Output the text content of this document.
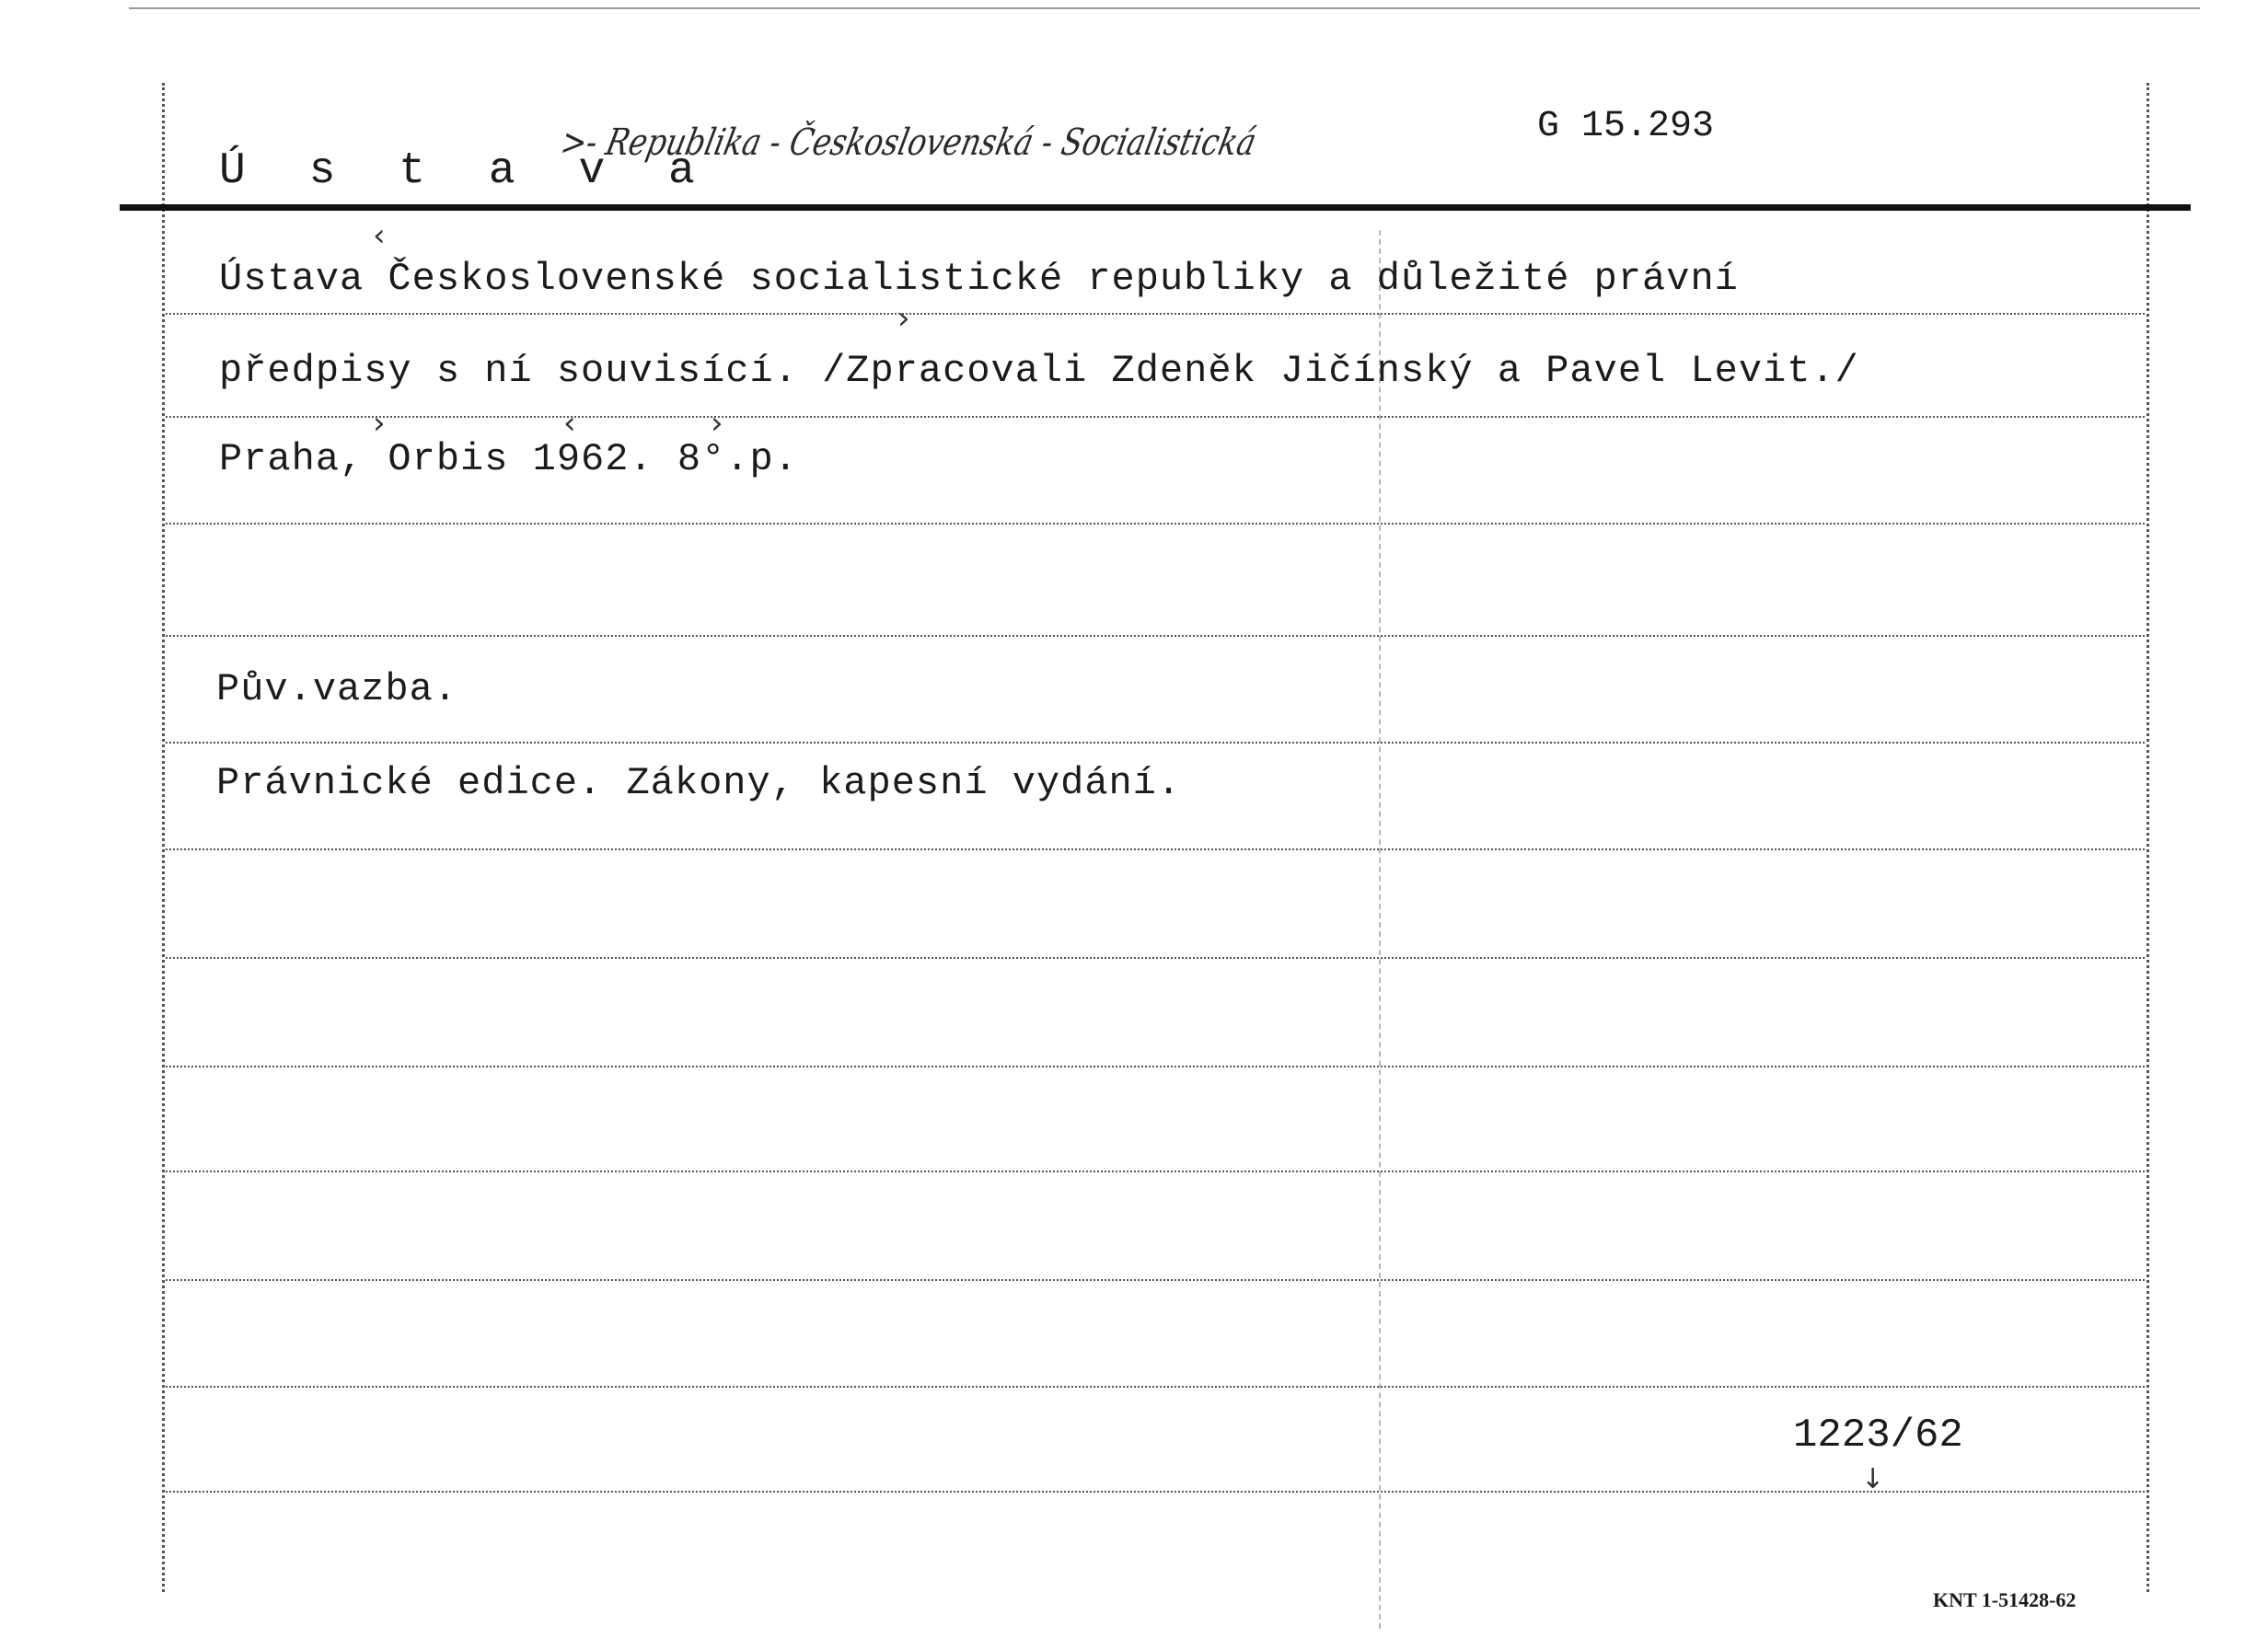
Ú s t a v a
>- Republika - Československá - Socialistická	G 15.293
Ústava Československé socialistické republiky a důležité právní
předpisy s ní souvisící. /Zpracovali Zdeněk Jičínský a Pavel Levit./
Praha, Orbis 1962. 8°.p.
Pův.vazba.
Právnické edice. Zákony, kapesní vydání.
‹
›
›	‹	›
↓
1223/62
KNT 1-51428-62
